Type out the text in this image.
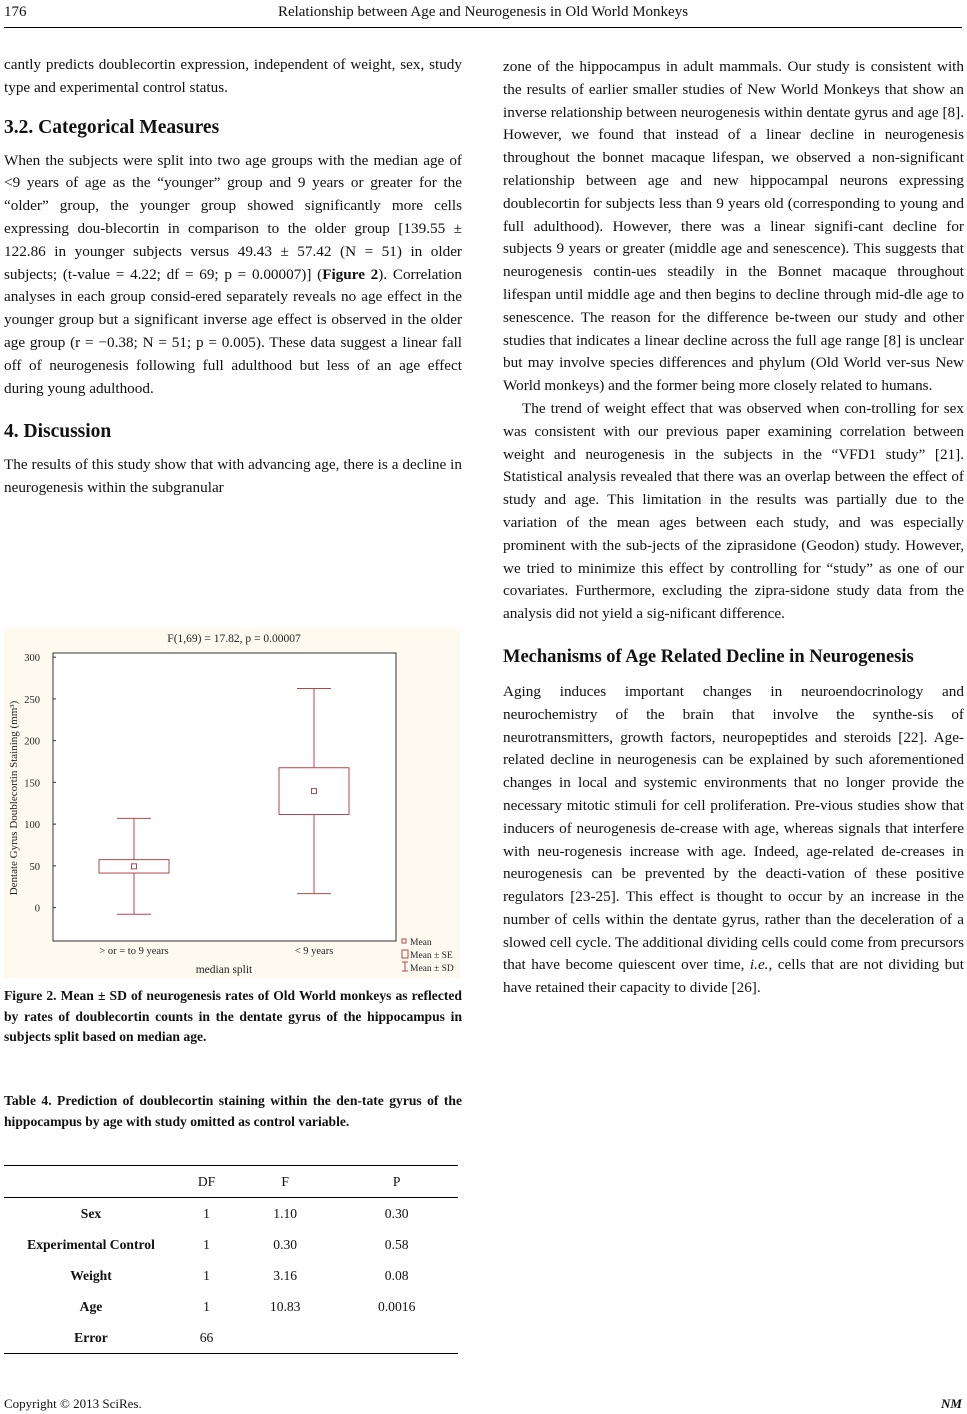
176	Relationship between Age and Neurogenesis in Old World Monkeys

cantly predicts doublecortin expression, independent of weight, sex, study type and experimental control status.

3.2. Categorical Measures

When the subjects were split into two age groups with the median age of <9 years of age as the “younger” group and 9 years or greater for the “older” group, the younger group showed significantly more cells expressing dou-blecortin in comparison to the older group [139.55 ± 122.86 in younger subjects versus 49.43 ± 57.42 (N = 51) in older subjects; (t-value = 4.22; df = 69; p = 0.00007)] (Figure 2). Correlation analyses in each group consid-ered separately reveals no age effect in the younger group but a significant inverse age effect is observed in the older age group (r = −0.38; N = 51; p = 0.005). These data suggest a linear fall off of neurogenesis following full adulthood but less of an age effect during young adulthood.

4. Discussion

The results of this study show that with advancing age, there is a decline in neurogenesis within the subgranular

F(1,69) = 17.82, p = 0.00007
Dentate Gyrus Doublecortin Staining (mm³)
median split
0
50
100
150
200
250
300
> or = to 9 years	< 9 years
Mean
Mean ± SE
Mean ± SD
Figure 2. Mean ± SD of neurogenesis rates of Old World monkeys as reflected by rates of doublecortin counts in the dentate gyrus of the hippocampus in subjects split based on median age.
Table 4. Prediction of doublecortin staining within the den-tate gyrus of the hippocampus by age with study omitted as control variable.
	DF	F	P
Sex	1	1.10	0.30
Experimental Control	1	0.30	0.58
Weight	1	3.16	0.08
Age	1	10.83	0.0016
Error	66		

zone of the hippocampus in adult mammals. Our study is consistent with the results of earlier smaller studies of New World Monkeys that show an inverse relationship between neurogenesis within dentate gyrus and age [8]. However, we found that instead of a linear decline in neurogenesis throughout the bonnet macaque lifespan, we observed a non-significant relationship between age and new hippocampal neurons expressing doublecortin for subjects less than 9 years old (corresponding to young and full adulthood). However, there was a linear signifi-cant decline for subjects 9 years or greater (middle age and senescence). This suggests that neurogenesis contin-ues steadily in the Bonnet macaque throughout lifespan until middle age and then begins to decline through mid-dle age to senescence. The reason for the difference be-tween our study and other studies that indicates a linear decline across the full age range [8] is unclear but may involve species differences and phylum (Old World ver-sus New World monkeys) and the former being more closely related to humans.

The trend of weight effect that was observed when con-trolling for sex was consistent with our previous paper examining correlation between weight and neurogenesis in the subjects in the “VFD1 study” [21]. Statistical analysis revealed that there was an overlap between the effect of study and age. This limitation in the results was partially due to the variation of the mean ages between each study, and was especially prominent with the sub-jects of the ziprasidone (Geodon) study. However, we tried to minimize this effect by controlling for “study” as one of our covariates. Furthermore, excluding the zipra-sidone study data from the analysis did not yield a sig-nificant difference.

Mechanisms of Age Related Decline in Neurogenesis

Aging induces important changes in neuroendocrinology and neurochemistry of the brain that involve the synthe-sis of neurotransmitters, growth factors, neuropeptides and steroids [22]. Age-related decline in neurogenesis can be explained by such aforementioned changes in local and systemic environments that no longer provide the necessary mitotic stimuli for cell proliferation. Pre-vious studies show that inducers of neurogenesis de-crease with age, whereas signals that interfere with neu-rogenesis increase with age. Indeed, age-related de-creases in neurogenesis can be prevented by the deacti-vation of these positive regulators [23-25]. This effect is thought to occur by an increase in the number of cells within the dentate gyrus, rather than the deceleration of a slowed cell cycle. The additional dividing cells could come from precursors that have become quiescent over time, i.e., cells that are not dividing but have retained their capacity to divide [26].

Copyright © 2013 SciRes.	NM
